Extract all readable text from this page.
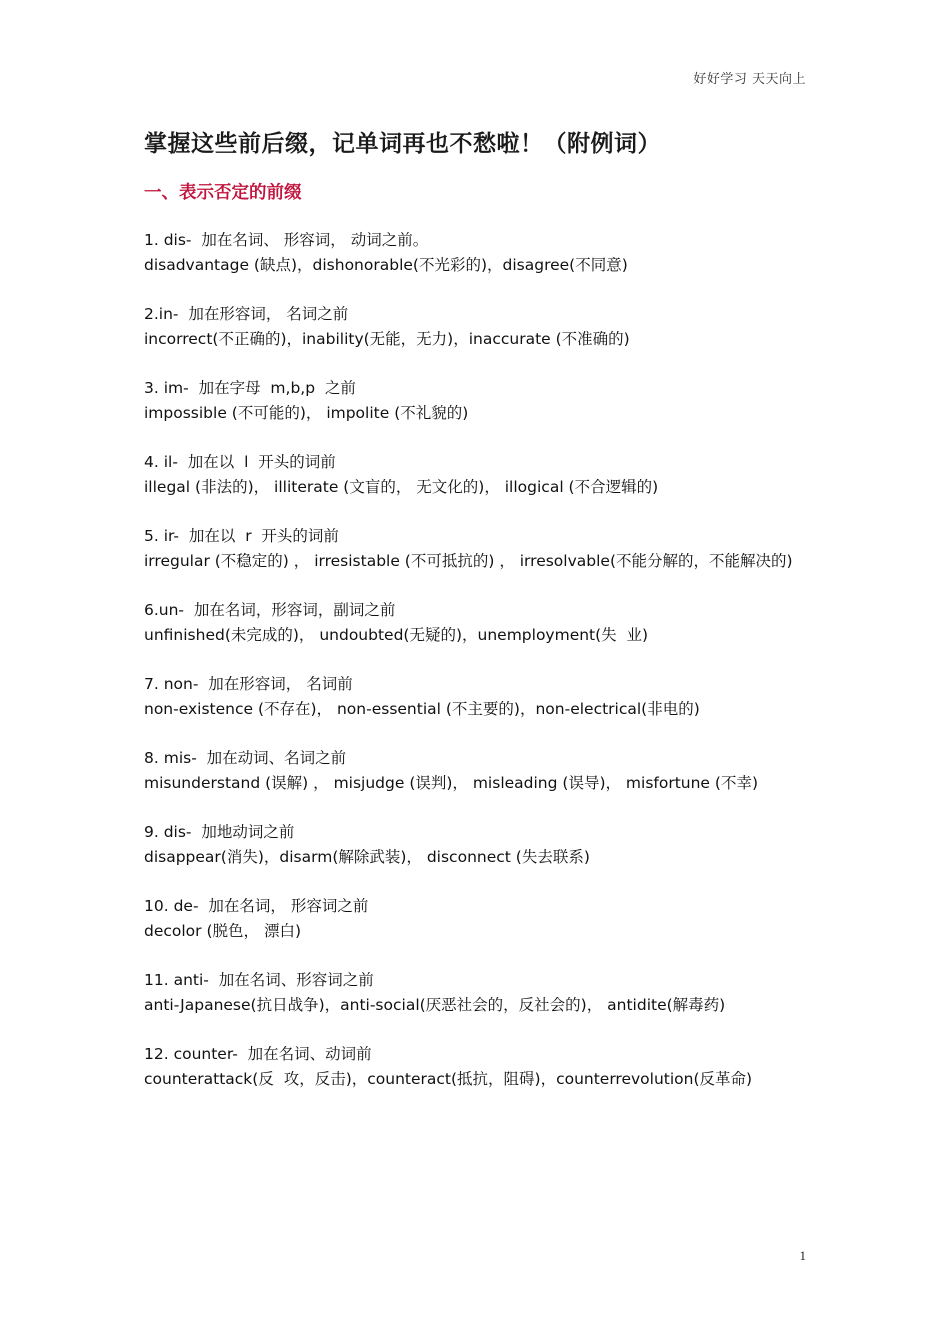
好好学习 天天向上
掌握这些前后缀，记单词再也不愁啦！（附例词）
一、表示否定的前缀

1. dis-  加在名词、 形容词， 动词之前。

disadvantage (缺点)，dishonorable(不光彩的)，disagree(不同意)

2.in-  加在形容词， 名词之前

incorrect(不正确的)，inability(无能，无力)，inaccurate (不准确的)

3. im-  加在字母  m,b,p  之前

impossible (不可能的)， impolite (不礼貌的)

4. il-  加在以  l  开头的词前

illegal (非法的)， illiterate (文盲的， 无文化的)， illogical (不合逻辑的)

5. ir-  加在以  r  开头的词前

irregular (不稳定的) ， irresistable (不可抵抗的) ， irresolvable(不能分解的，不能解决的)

6.un-  加在名词，形容词，副词之前

unfinished(未完成的)， undoubted(无疑的)，unemployment(失  业)

7. non-  加在形容词， 名词前

non-existence (不存在)， non-essential (不主要的)，non-electrical(非电的)

8. mis-  加在动词、名词之前

misunderstand (误解) ， misjudge (误判)， misleading (误导)， misfortune (不幸)

9. dis-  加地动词之前

disappear(消失)，disarm(解除武装)， disconnect (失去联系)

10. de-  加在名词， 形容词之前

decolor (脱色， 漂白)

11. anti-  加在名词、形容词之前

anti-Japanese(抗日战争)，anti-social(厌恶社会的，反社会的)， antidite(解毒药)

12. counter-  加在名词、动词前

counterattack(反  攻，反击)，counteract(抵抗，阻碍)，counterrevolution(反革命)

1
